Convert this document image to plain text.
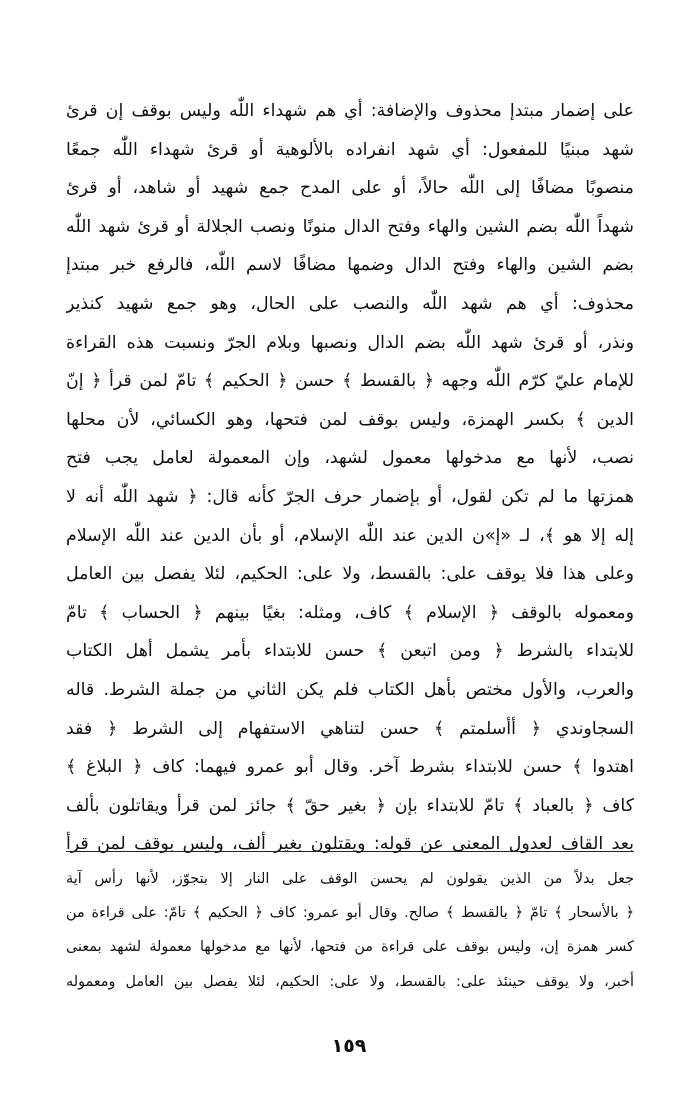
على إضمار مبتدإ محذوف والإضافة: أي هم شهداء اللّٰه وليس بوقف إن قرئ
شهد مبنيًا للمفعول: أي شهد انفراده بالألوهية أو قرئ شهداء اللّٰه جمعًا
منصوبًا مضافًا إلى اللّٰه حالاً، أو على المدح جمع شهيد أو شاهد، أو قرئ
شهداً اللّٰه بضم الشين والهاء وفتح الدال منونًا ونصب الجلالة أو قرئ شهد اللّٰه
بضم الشين والهاء وفتح الدال وضمها مضافًا لاسم اللّٰه، فالرفع خبر مبتدإ
محذوف: أي هم شهد اللّٰه والنصب على الحال، وهو جمع شهيد كنذير
ونذر، أو قرئ شهد اللّٰه بضم الدال ونصبها وبلام الجرّ ونسبت هذه القراءة
للإمام عليّ كرّم اللّٰه وجهه ﴿ بالقسط ﴾ حسن ﴿ الحكيم ﴾ تامّ لمن قرأ ﴿ إنّ
الدين ﴾ بكسر الهمزة، وليس بوقف لمن فتحها، وهو الكسائي، لأن محلها
نصب، لأنها مع مدخولها معمول لشهد، وإن المعمولة لعامل يجب فتح
همزتها ما لم تكن لقول، أو بإضمار حرف الجرّ كأنه قال: ﴿ شهد اللّٰه أنه لا
إله إلا هو ﴾، لـ «إ»ن الدين عند اللّٰه الإسلام، أو بأن الدين عند اللّٰه الإسلام
وعلى هذا فلا يوقف على: بالقسط، ولا على: الحكيم، لئلا يفصل بين العامل
ومعموله بالوقف ﴿ الإسلام ﴾ كاف، ومثله: بغيًا بينهم ﴿ الحساب ﴾ تامّ
للابتداء بالشرط ﴿ ومن اتبعن ﴾ حسن للابتداء بأمر يشمل أهل الكتاب
والعرب، والأول مختص بأهل الكتاب فلم يكن الثاني من جملة الشرط. قاله
السجاوندي ﴿ أأسلمتم ﴾ حسن لتناهي الاستفهام إلى الشرط ﴿ فقد
اهتدوا ﴾ حسن للابتداء بشرط آخر. وقال أبو عمرو فيهما: كاف ﴿ البلاغ ﴾
كاف ﴿ بالعباد ﴾ تامّ للابتداء بإن ﴿ بغير حقّ ﴾ جائز لمن قرأ ويقاتلون بألف
بعد القاف لعدول المعنى عن قوله: ويقتلون بغير ألف، وليس بوقف لمن قرأ
جعل بدلاً من الذين يقولون لم يحسن الوقف على النار إلا بتجوّز، لأنها رأس آية
﴿ بالأسحار ﴾ تامّ ﴿ بالقسط ﴾ صالح. وقال أبو عمرو: كاف ﴿ الحكيم ﴾ تامّ: على قراءة من
كسر همزة إن، وليس بوقف على قراءة من فتحها، لأنها مع مدخولها معمولة لشهد بمعنى
أخبر، ولا يوقف حينئذ على: بالقسط، ولا على: الحكيم، لئلا يفصل بين العامل ومعموله
١٥٩
